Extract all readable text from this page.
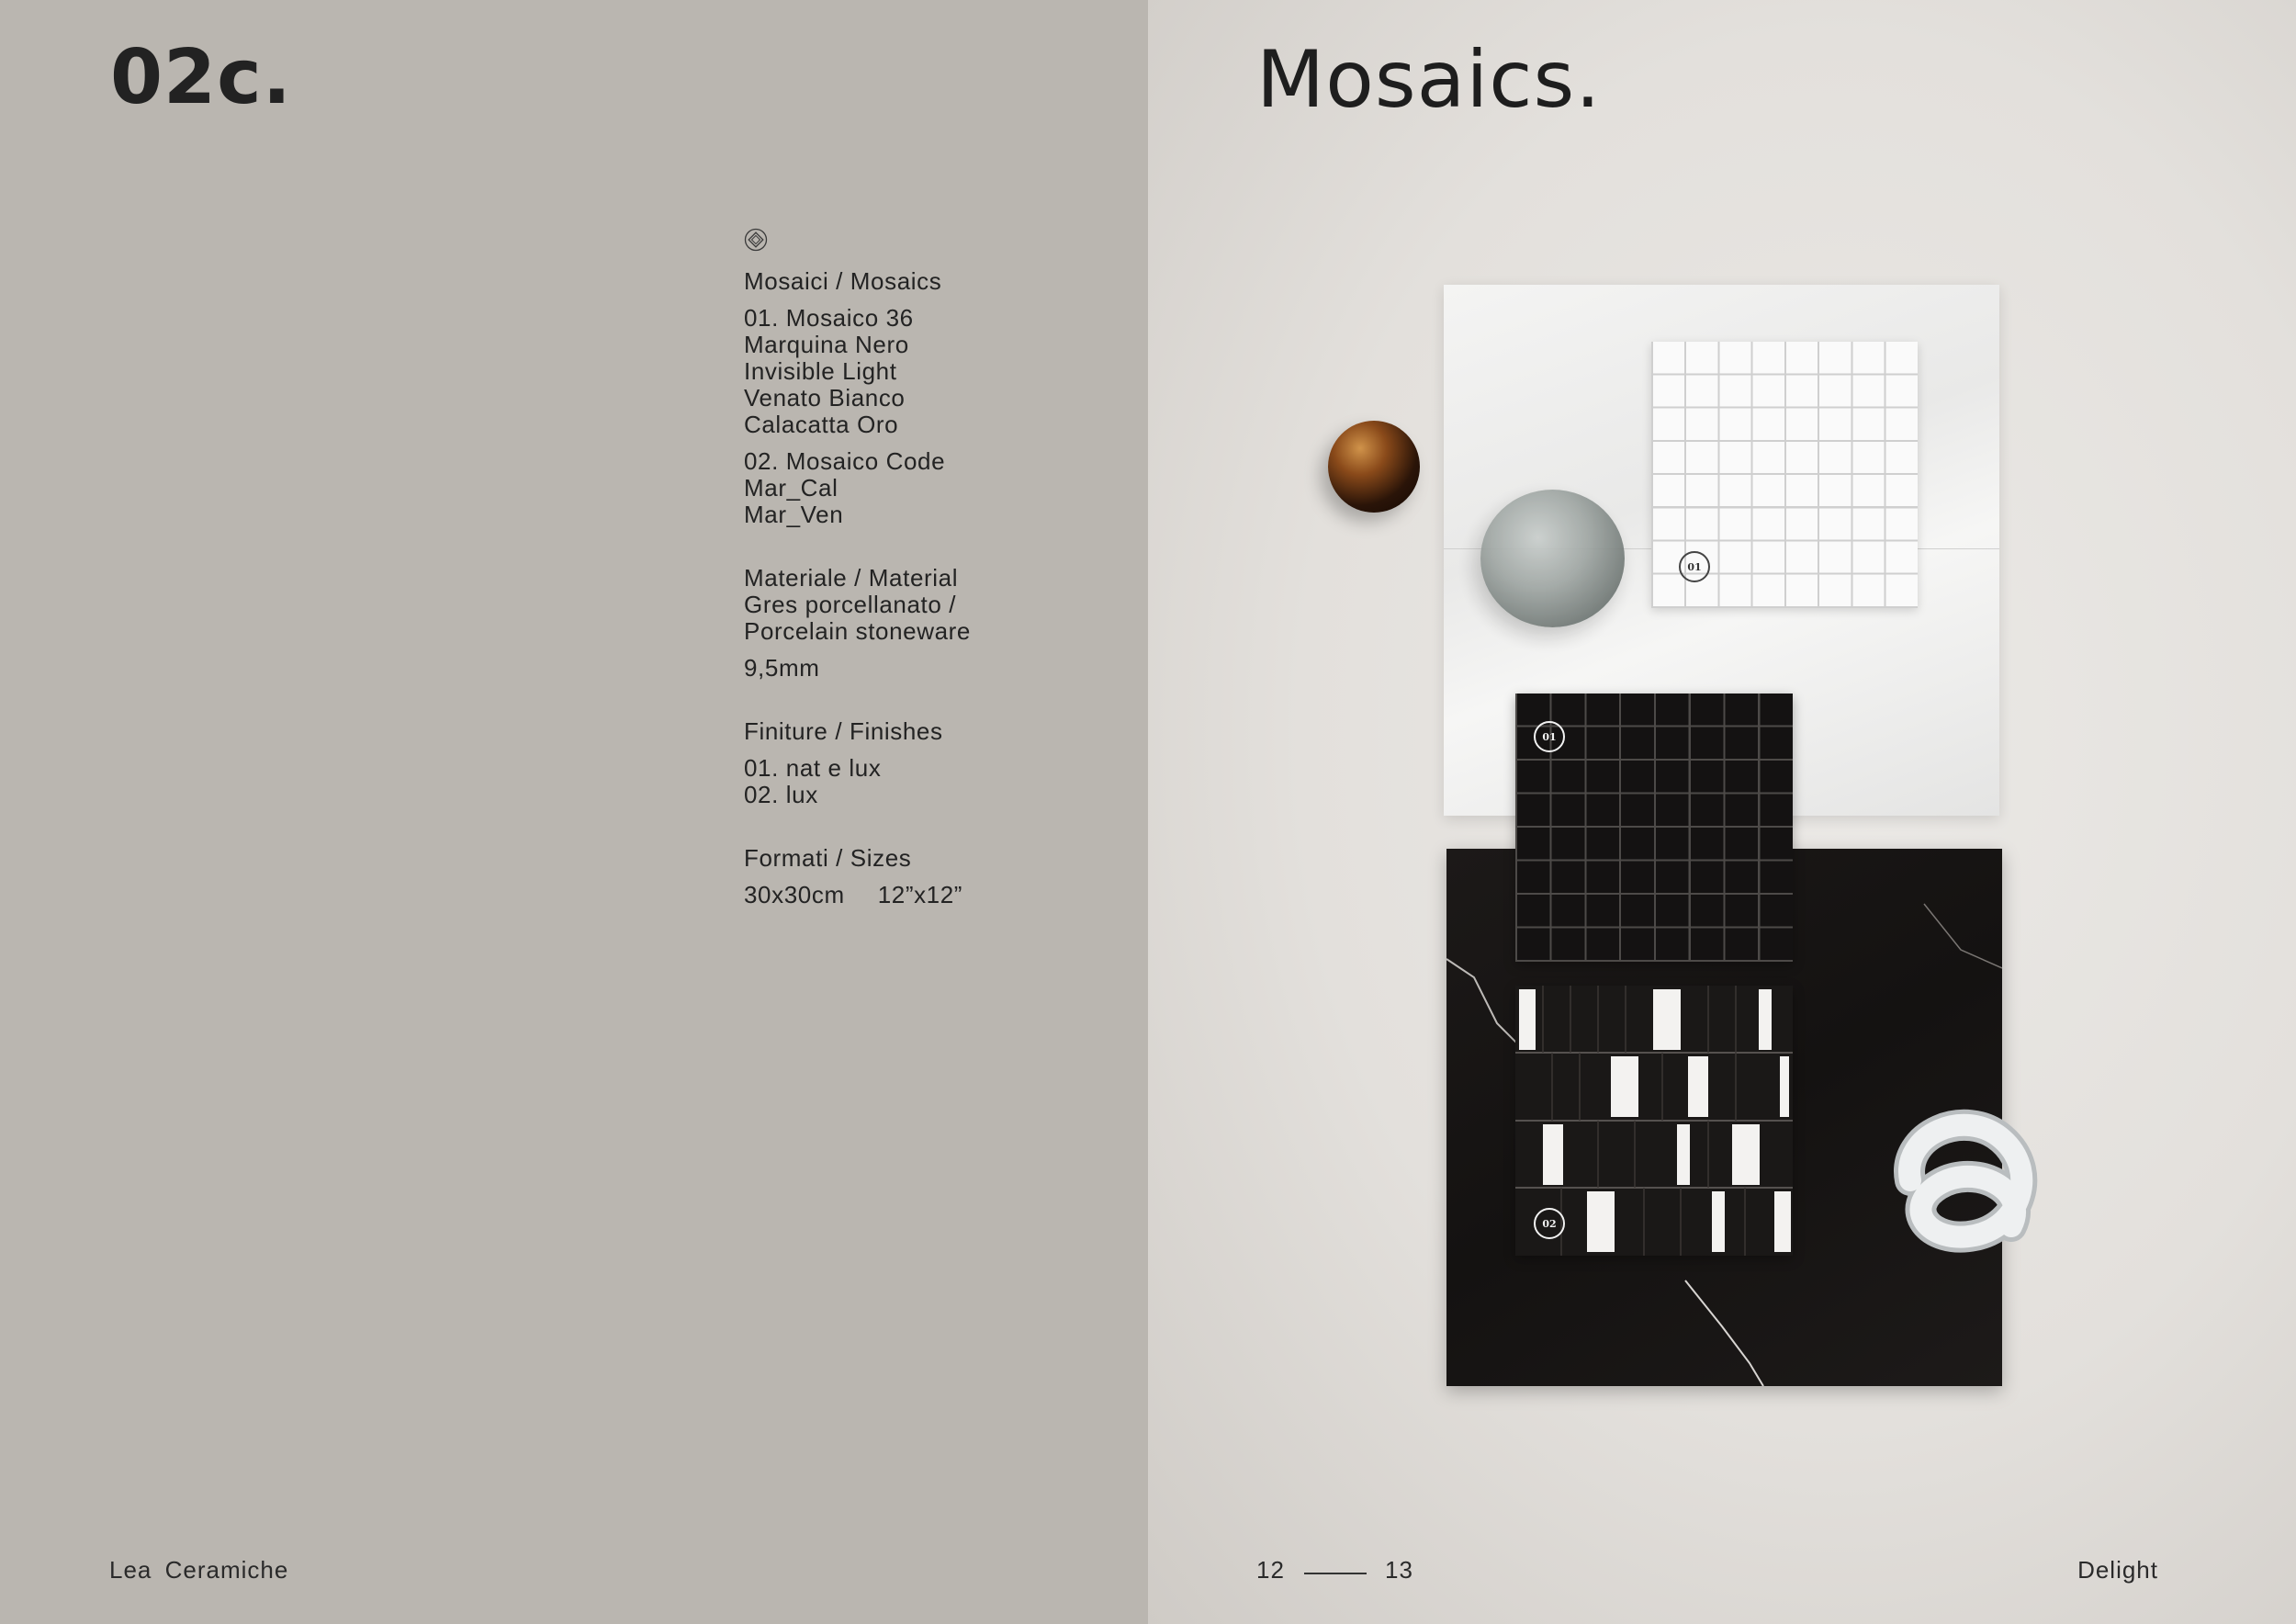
01
01
02
02c.	Mosaics.

Mosaici / Mosaics

01. Mosaico 36
Marquina Nero
Invisible Light
Venato Bianco
Calacatta Oro

02. Mosaico Code
Mar_Cal
Mar_Ven

Materiale / Material

Gres porcellanato /
Porcelain stoneware

9,5mm

Finiture / Finishes

01. nat e lux
02. lux

Formati / Sizes

30x30cm 12”x12”

Lea Ceramiche	12	13	Delight
